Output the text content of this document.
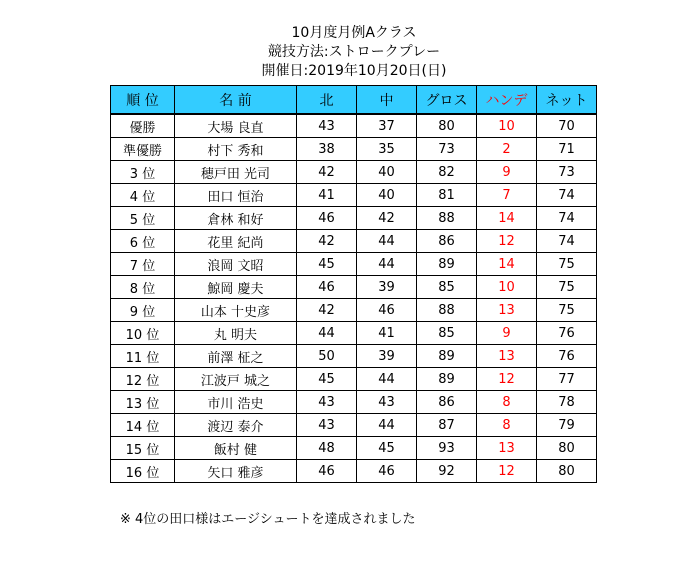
10月度月例Aクラス
競技方法:ストロークプレー
開催日:2019年10月20日(日)
順 位	名 前	北	中	グロス	ハンデ	ネット
優勝	大場 良直	43	37	80	10	70
準優勝	村下 秀和	38	35	73	2	71
3 位	穂戸田 光司	42	40	82	9	73
4 位	田口 恒治	41	40	81	7	74
5 位	倉林 和好	46	42	88	14	74
6 位	花里 紀尚	42	44	86	12	74
7 位	浪岡 文昭	45	44	89	14	75
8 位	鯨岡 慶夫	46	39	85	10	75
9 位	山本 十史彦	42	46	88	13	75
10 位	丸 明夫	44	41	85	9	76
11 位	前澤 柾之	50	39	89	13	76
12 位	江波戸 城之	45	44	89	12	77
13 位	市川 浩史	43	43	86	8	78
14 位	渡辺 泰介	43	44	87	8	79
15 位	飯村 健	48	45	93	13	80
16 位	矢口 雅彦	46	46	92	12	80
※ 4位の田口様はエージシュートを達成されました
